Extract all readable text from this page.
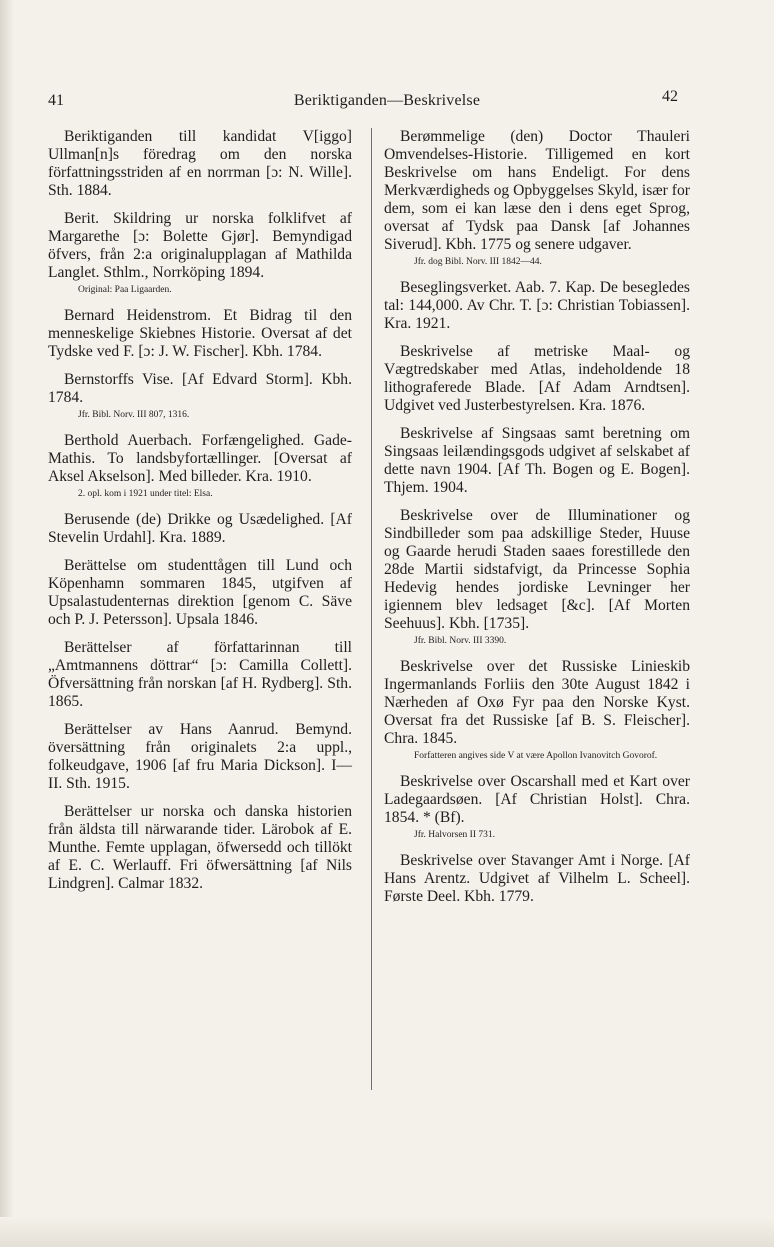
41	Beriktiganden—Beskrivelse	42

Beriktiganden till kandidat V[iggo] Ullman[n]s föredrag om den norska författningsstriden af en norrman [ɔ: N. Wille]. Sth. 1884.

Berit. Skildring ur norska folklifvet af Margarethe [ɔ: Bolette Gjør]. Bemyndigad öfvers, från 2:a originalupplagan af Mathilda Langlet. Sthlm., Norrköping 1894.
Original: Paa Ligaarden.

Bernard Heidenstrom. Et Bidrag til den menneskelige Skiebnes Historie. Oversat af det Tydske ved F. [ɔ: J. W. Fischer]. Kbh. 1784.

Bernstorffs Vise. [Af Edvard Storm]. Kbh. 1784.
Jfr. Bibl. Norv. III 807, 1316.

Berthold Auerbach. Forfængelighed. Gade-Mathis. To landsbyfortællinger. [Oversat af Aksel Akselson]. Med billeder. Kra. 1910.
2. opl. kom i 1921 under titel: Elsa.

Berusende (de) Drikke og Usædelighed. [Af Stevelin Urdahl]. Kra. 1889.

Berättelse om studenttågen till Lund och Köpenhamn sommaren 1845, utgifven af Upsalastudenternas direktion [genom C. Säve och P. J. Petersson]. Upsala 1846.

Berättelser af författarinnan till „Amtmannens döttrar“ [ɔ: Camilla Collett]. Öfversättning från norskan [af H. Rydberg]. Sth. 1865.

Berättelser av Hans Aanrud. Bemynd. översättning från originalets 2:a uppl., folkeudgave, 1906 [af fru Maria Dickson]. I—II. Sth. 1915.

Berättelser ur norska och danska historien från äldsta till närwarande tider. Lärobok af E. Munthe. Femte upplagan, öfwersedd och tillökt af E. C. Werlauff. Fri öfwersättning [af Nils Lindgren]. Calmar 1832.

Berømmelige (den) Doctor Thauleri Omvendelses-Historie. Tilligemed en kort Beskrivelse om hans Endeligt. For dens Merkværdigheds og Opbyggelses Skyld, især for dem, som ei kan læse den i dens eget Sprog, oversat af Tydsk paa Dansk [af Johannes Siverud]. Kbh. 1775 og senere udgaver.
Jfr. dog Bibl. Norv. III 1842—44.

Beseglingsverket. Aab. 7. Kap. De besegledes tal: 144,000. Av Chr. T. [ɔ: Christian Tobiassen]. Kra. 1921.

Beskrivelse af metriske Maal- og Vægtredskaber med Atlas, indeholdende 18 lithograferede Blade. [Af Adam Arndtsen]. Udgivet ved Justerbestyrelsen. Kra. 1876.

Beskrivelse af Singsaas samt beretning om Singsaas leilændingsgods udgivet af selskabet af dette navn 1904. [Af Th. Bogen og E. Bogen]. Thjem. 1904.

Beskrivelse over de Illuminationer og Sindbilleder som paa adskillige Steder, Huuse og Gaarde herudi Staden saaes forestillede den 28de Martii sidstafvigt, da Princesse Sophia Hedevig hendes jordiske Levninger her igiennem blev ledsaget [&c]. [Af Morten Seehuus]. Kbh. [1735].
Jfr. Bibl. Norv. III 3390.

Beskrivelse over det Russiske Linieskib Ingermanlands Forliis den 30te August 1842 i Nærheden af Oxø Fyr paa den Norske Kyst. Oversat fra det Russiske [af B. S. Fleischer]. Chra. 1845.
Forfatteren angives side V at være Apollon Ivanovitch Govorof.

Beskrivelse over Oscarshall med et Kart over Ladegaardsøen. [Af Christian Holst]. Chra. 1854. * (Bf).
Jfr. Halvorsen II 731.

Beskrivelse over Stavanger Amt i Norge. [Af Hans Arentz. Udgivet af Vilhelm L. Scheel]. Første Deel. Kbh. 1779.
